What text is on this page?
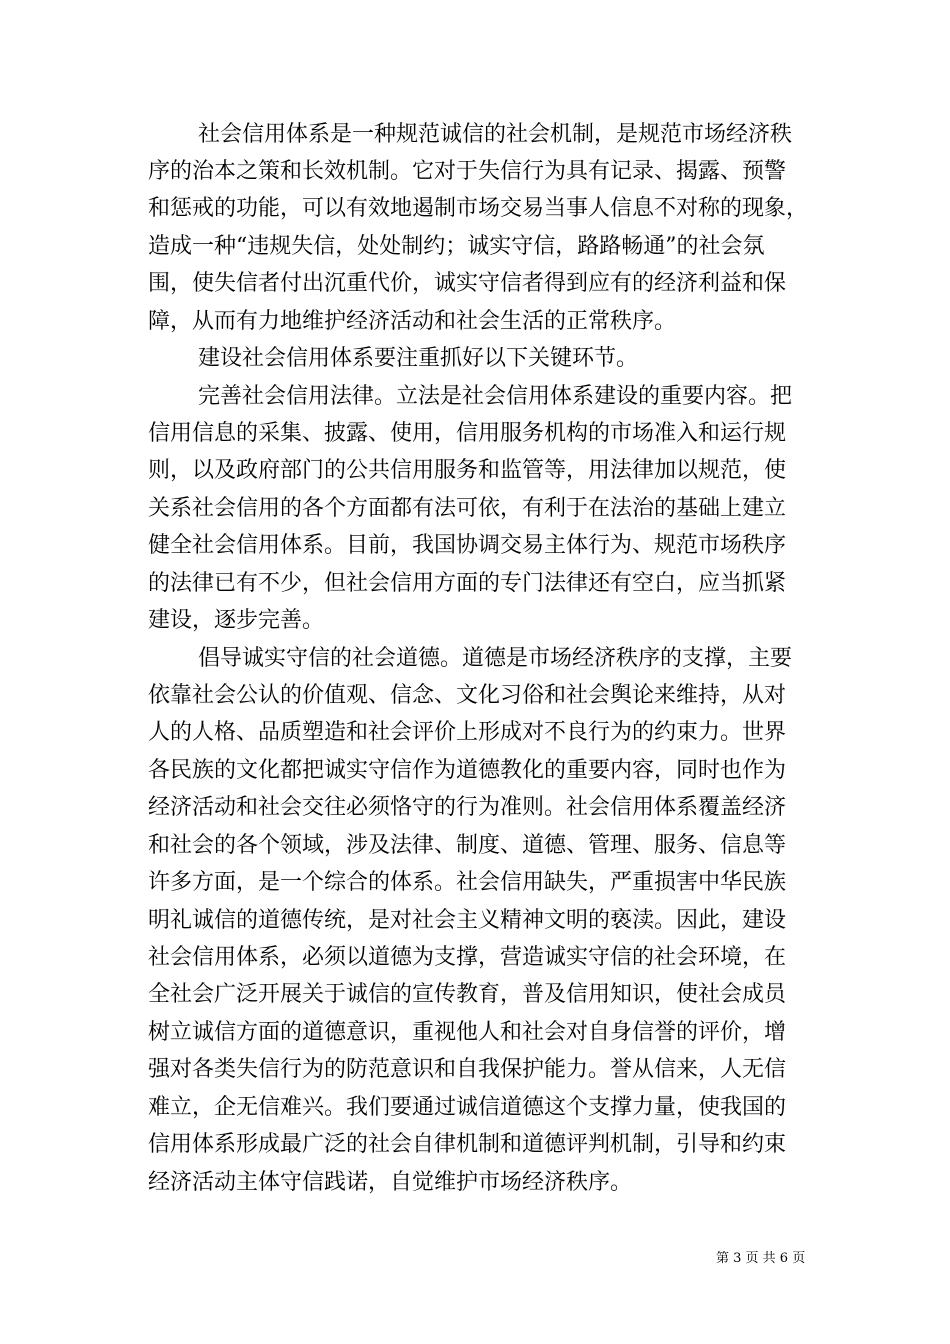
社会信用体系是一种规范诚信的社会机制，是规范市场经济秩
序的治本之策和长效机制。它对于失信行为具有记录、揭露、预警
和惩戒的功能，可以有效地遏制市场交易当事人信息不对称的现象，
造成一种“违规失信，处处制约；诚实守信，路路畅通”的社会氛
围，使失信者付出沉重代价，诚实守信者得到应有的经济利益和保
障，从而有力地维护经济活动和社会生活的正常秩序。
建设社会信用体系要注重抓好以下关键环节。
完善社会信用法律。立法是社会信用体系建设的重要内容。把
信用信息的采集、披露、使用，信用服务机构的市场准入和运行规
则，以及政府部门的公共信用服务和监管等，用法律加以规范，使
关系社会信用的各个方面都有法可依，有利于在法治的基础上建立
健全社会信用体系。目前，我国协调交易主体行为、规范市场秩序
的法律已有不少，但社会信用方面的专门法律还有空白，应当抓紧
建设，逐步完善。
倡导诚实守信的社会道德。道德是市场经济秩序的支撑，主要
依靠社会公认的价值观、信念、文化习俗和社会舆论来维持，从对
人的人格、品质塑造和社会评价上形成对不良行为的约束力。世界
各民族的文化都把诚实守信作为道德教化的重要内容，同时也作为
经济活动和社会交往必须恪守的行为准则。社会信用体系覆盖经济
和社会的各个领域，涉及法律、制度、道德、管理、服务、信息等
许多方面，是一个综合的体系。社会信用缺失，严重损害中华民族
明礼诚信的道德传统，是对社会主义精神文明的亵渎。因此，建设
社会信用体系，必须以道德为支撑，营造诚实守信的社会环境，在
全社会广泛开展关于诚信的宣传教育，普及信用知识，使社会成员
树立诚信方面的道德意识，重视他人和社会对自身信誉的评价，增
强对各类失信行为的防范意识和自我保护能力。誉从信来，人无信
难立，企无信难兴。我们要通过诚信道德这个支撑力量，使我国的
信用体系形成最广泛的社会自律机制和道德评判机制，引导和约束
经济活动主体守信践诺，自觉维护市场经济秩序。
第 3 页 共 6 页
